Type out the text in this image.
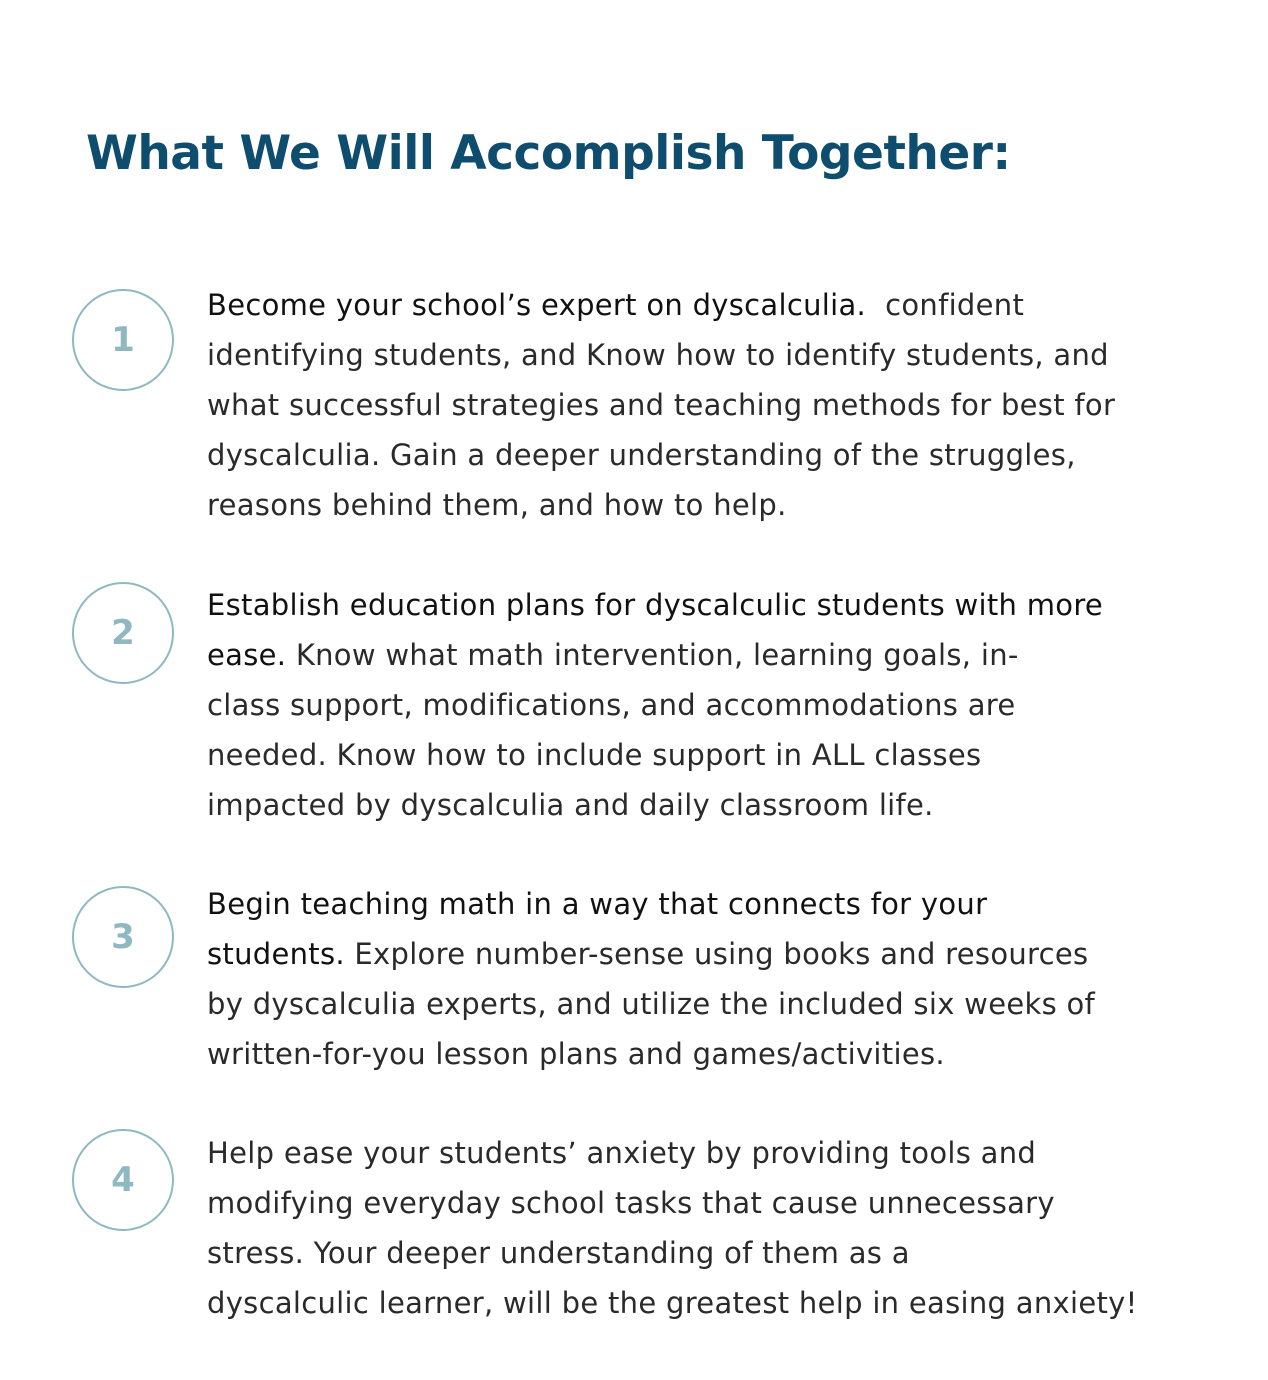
What We Will Accomplish Together:
1

Become your school’s expert on dyscalculia.  confident
identifying students, and Know how to identify students, and
what successful strategies and teaching methods for best for
dyscalculia. Gain a deeper understanding of the struggles,
reasons behind them, and how to help.

2

Establish education plans for dyscalculic students with more
ease. Know what math intervention, learning goals, in-
class support, modifications, and accommodations are
needed. Know how to include support in ALL classes
impacted by dyscalculia and daily classroom life.

3

Begin teaching math in a way that connects for your
students. Explore number-sense using books and resources
by dyscalculia experts, and utilize the included six weeks of
written-for-you lesson plans and games/activities.

4

Help ease your students’ anxiety by providing tools and
modifying everyday school tasks that cause unnecessary
stress. Your deeper understanding of them as a
dyscalculic learner, will be the greatest help in easing anxiety!
